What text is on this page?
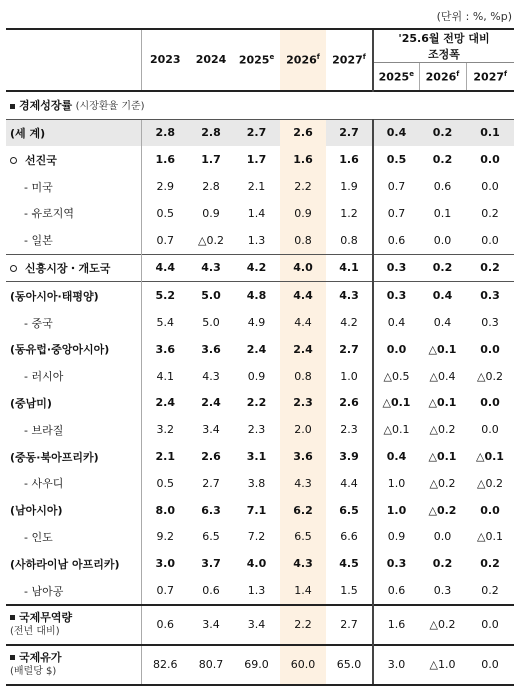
(단위 : %, %p)
	2023	2024	2025e	2026$^f$	2027$^f$	'25.6월 전망 대비
조정폭		

						2025e	2026$^f$	2027$^f$
경제성장률 (시장환율 기준)								
(세 계)	2.8	2.8	2.7	2.6	2.7	0.4	0.2	0.1
선진국	1.6	1.7	1.7	1.6	1.6	0.5	0.2	0.0
- 미국	2.9	2.8	2.1	2.2	1.9	0.7	0.6	0.0
- 유로지역	0.5	0.9	1.4	0.9	1.2	0.7	0.1	0.2
- 일본	0.7	△0.2	1.3	0.8	0.8	0.6	0.0	0.0
신흥시장・개도국	4.4	4.3	4.2	4.0	4.1	0.3	0.2	0.2
(동아시아·태평양)	5.2	5.0	4.8	4.4	4.3	0.3	0.4	0.3
- 중국	5.4	5.0	4.9	4.4	4.2	0.4	0.4	0.3
(동유럽·중앙아시아)	3.6	3.6	2.4	2.4	2.7	0.0	△0.1	0.0
- 러시아	4.1	4.3	0.9	0.8	1.0	△0.5	△0.4	△0.2
(중남미)	2.4	2.4	2.2	2.3	2.6	△0.1	△0.1	0.0
- 브라질	3.2	3.4	2.3	2.0	2.3	△0.1	△0.2	0.0
(중동·북아프리카)	2.1	2.6	3.1	3.6	3.9	0.4	△0.1	△0.1
- 사우디	0.5	2.7	3.8	4.3	4.4	1.0	△0.2	△0.2
(남아시아)	8.0	6.3	7.1	6.2	6.5	1.0	△0.2	0.0
- 인도	9.2	6.5	7.2	6.5	6.6	0.9	0.0	△0.1
(사하라이남 아프리카)	3.0	3.7	4.0	4.3	4.5	0.3	0.2	0.2
- 남아공	0.7	0.6	1.3	1.4	1.5	0.6	0.3	0.2
국제무역량
(전년 대비)	0.6	3.4	3.4	2.2	2.7	1.6	△0.2	0.0
국제유가
(배럴당 $)	82.6	80.7	69.0	60.0	65.0	3.0	△1.0	0.0
